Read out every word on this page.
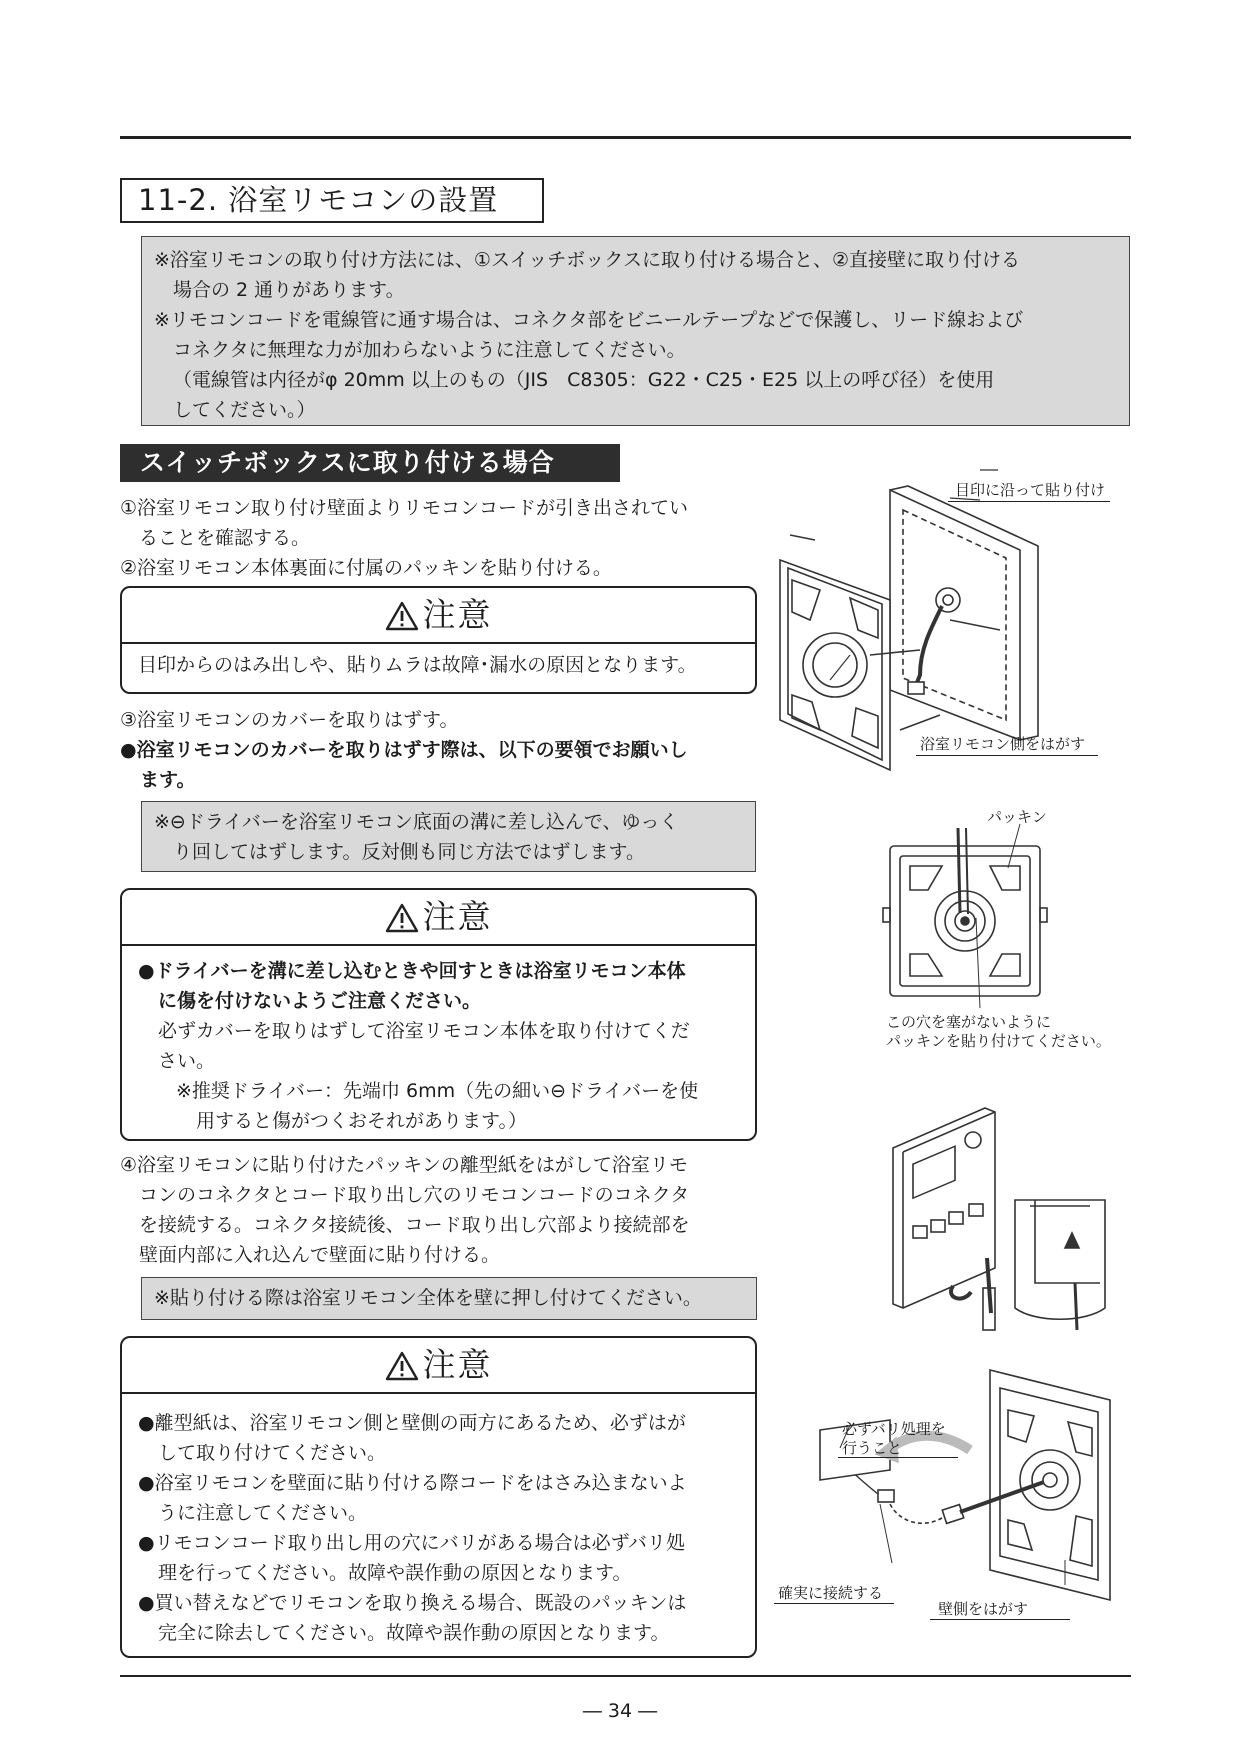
11-2. 浴室リモコンの設置

※浴室リモコンの取り付け方法には、①スイッチボックスに取り付ける場合と、②直接壁に取り付ける

場合の 2 通りがあります。

※リモコンコードを電線管に通す場合は、コネクタ部をビニールテープなどで保護し、リード線および

コネクタに無理な力が加わらないように注意してください。

（電線管は内径がφ 20mm 以上のもの（JIS　C8305：G22・C25・E25 以上の呼び径）を使用

してください。）

スイッチボックスに取り付ける場合

①浴室リモコン取り付け壁面よりリモコンコードが引き出されてい

ることを確認する。

②浴室リモコン本体裏面に付属のパッキンを貼り付ける。

注意

目印からのはみ出しや、貼りムラは故障･漏水の原因となります。

③浴室リモコンのカバーを取りはずす。

●浴室リモコンのカバーを取りはずす際は、以下の要領でお願いし
ます。

※⊖ドライバーを浴室リモコン底面の溝に差し込んで、ゆっく

り回してはずします。反対側も同じ方法ではずします。

注意

●ドライバーを溝に差し込むときや回すときは浴室リモコン本体

に傷を付けないようご注意ください。

必ずカバーを取りはずして浴室リモコン本体を取り付けてくだ

さい。

※推奨ドライバー：先端巾 6mm（先の細い⊖ドライバーを使

用すると傷がつくおそれがあります。）

④浴室リモコンに貼り付けたパッキンの離型紙をはがして浴室リモ

コンのコネクタとコード取り出し穴のリモコンコードのコネクタ

を接続する。コネクタ接続後、コード取り出し穴部より接続部を

壁面内部に入れ込んで壁面に貼り付ける。

※貼り付ける際は浴室リモコン全体を壁に押し付けてください。

注意

●離型紙は、浴室リモコン側と壁側の両方にあるため、必ずはが

して取り付けてください。

●浴室リモコンを壁面に貼り付ける際コードをはさみ込まないよ

うに注意してください。

●リモコンコード取り出し用の穴にバリがある場合は必ずバリ処

理を行ってください。故障や誤作動の原因となります。

●買い替えなどでリモコンを取り換える場合、既設のパッキンは

完全に除去してください。故障や誤作動の原因となります。

目印に沿って貼り付け
浴室リモコン側をはがす
パッキン
この穴を塞がないように
パッキンを貼り付けてください。
必ずバリ処理を
行うこと
確実に接続する
壁側をはがす
― 34 ―
